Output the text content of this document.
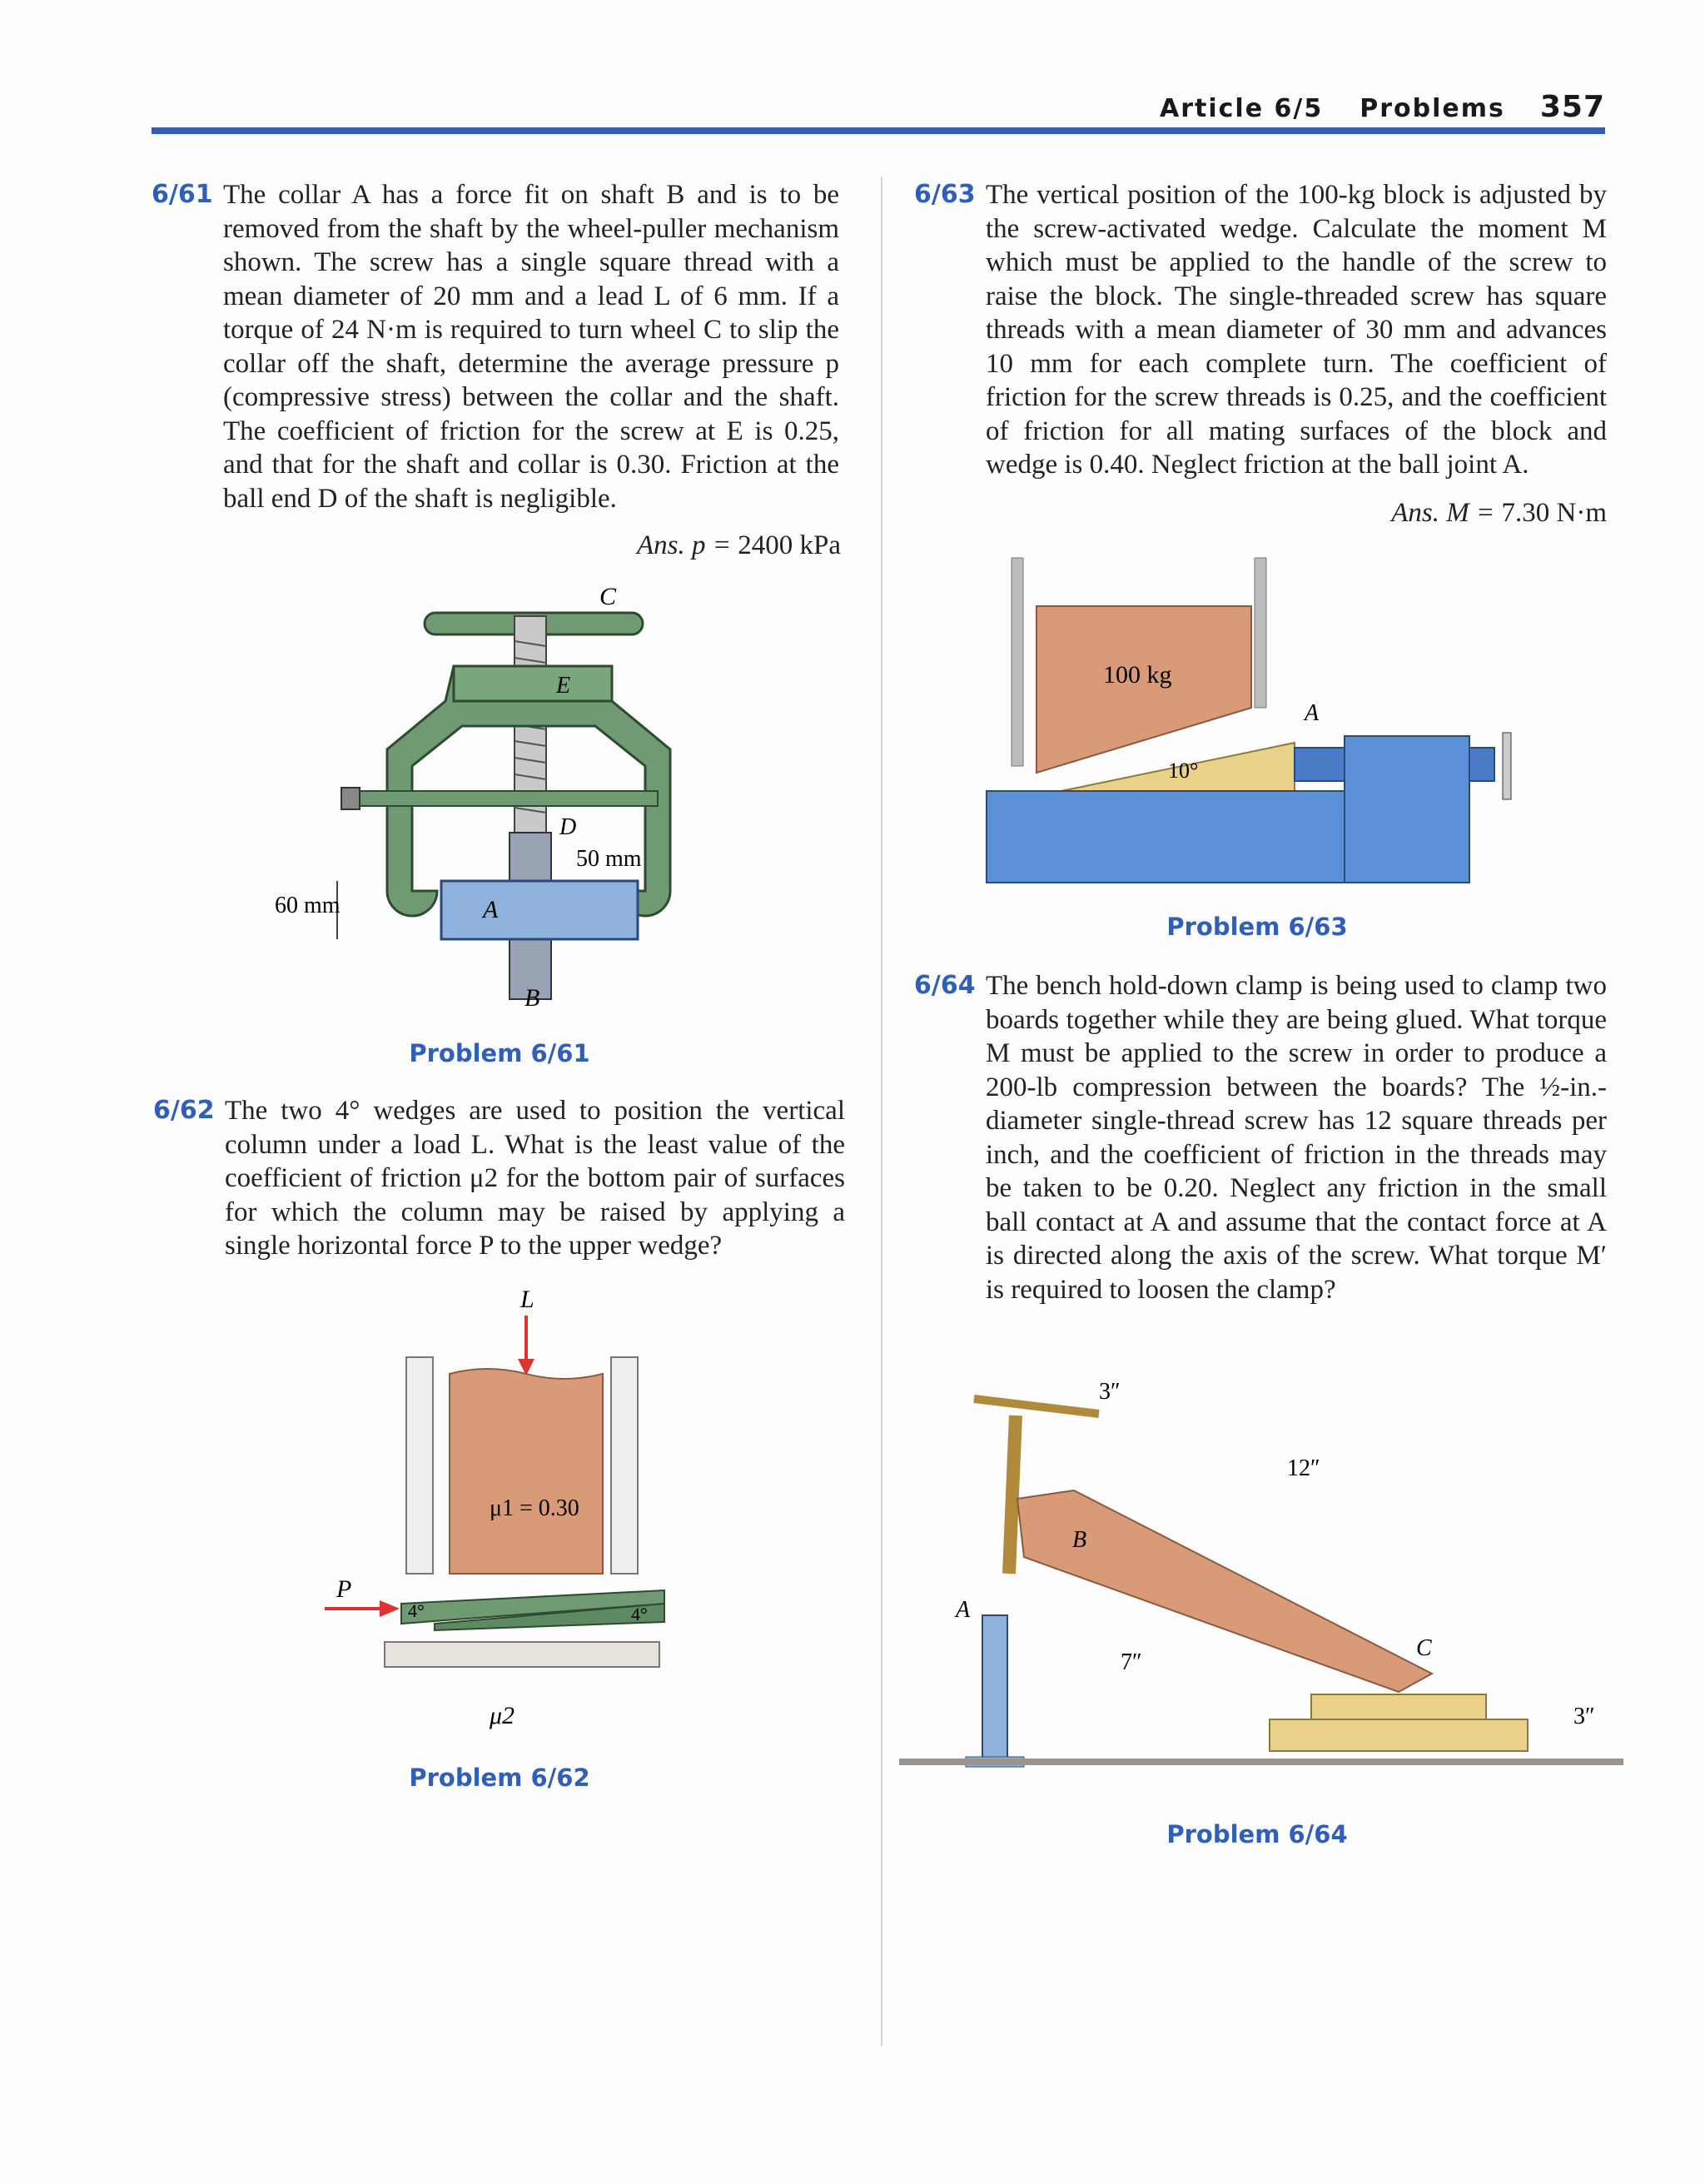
Article 6/5 Problems 357
6/61 The collar A has a force fit on shaft B and is to be removed from the shaft by the wheel-puller mechanism shown. The screw has a single square thread with a mean diameter of 20 mm and a lead L of 6 mm. If a torque of 24 N·m is required to turn wheel C to slip the collar off the shaft, determine the average pressure p (compressive stress) between the collar and the shaft. The coefficient of friction for the screw at E is 0.25, and that for the shaft and collar is 0.30. Friction at the ball end D of the shaft is negligible.
Ans. p = 2400 kPa
C
E
D
50 mm
A
B
60 mm
Problem 6/61
6/62 The two 4° wedges are used to position the vertical column under a load L. What is the least value of the coefficient of friction μ2 for the bottom pair of surfaces for which the column may be raised by applying a single horizontal force P to the upper wedge?
L
μ1 = 0.30
4°	4°
P
μ2
Problem 6/62
6/63 The vertical position of the 100-kg block is adjusted by the screw-activated wedge. Calculate the moment M which must be applied to the handle of the screw to raise the block. The single-threaded screw has square threads with a mean diameter of 30 mm and advances 10 mm for each complete turn. The coefficient of friction for the screw threads is 0.25, and the coefficient of friction for all mating surfaces of the block and wedge is 0.40. Neglect friction at the ball joint A.
Ans. M = 7.30 N·m
100 kg
10°
A
Problem 6/63
6/64 The bench hold-down clamp is being used to clamp two boards together while they are being glued. What torque M must be applied to the screw in order to produce a 200-lb compression between the boards? The ½-in.-diameter single-thread screw has 12 square threads per inch, and the coefficient of friction in the threads may be taken to be 0.20. Neglect any friction in the small ball contact at A and assume that the contact force at A is directed along the axis of the screw. What torque M′ is required to loosen the clamp?
3″
12″
A
B
C
7″
3″
Problem 6/64
